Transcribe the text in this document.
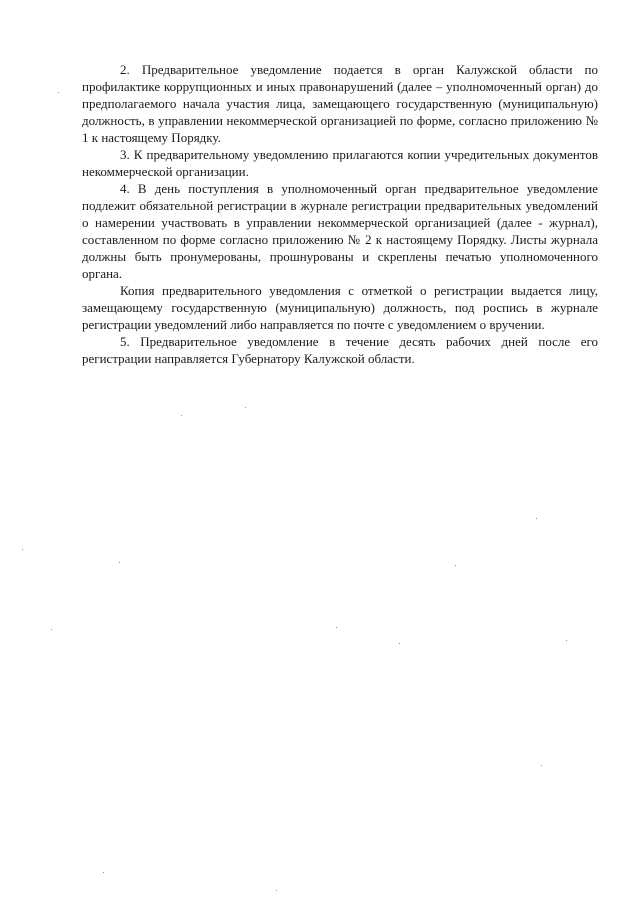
2. Предварительное уведомление подается в орган Калужской области по профилактике коррупционных и иных правонарушений (далее – уполномоченный орган) до предполагаемого начала участия лица, замещающего государственную (муниципальную) должность, в управлении некоммерческой организацией по форме, согласно приложению № 1 к настоящему Порядку.

3. К предварительному уведомлению прилагаются копии учредительных документов некоммерческой организации.

4. В день поступления в уполномоченный орган предварительное уведомление подлежит обязательной регистрации в журнале регистрации предварительных уведомлений о намерении участвовать в управлении некоммерческой организацией (далее - журнал), составленном по форме согласно приложению № 2 к настоящему Порядку. Листы журнала должны быть пронумерованы, прошнурованы и скреплены печатью уполномоченного органа.

Копия предварительного уведомления с отметкой о регистрации выдается лицу, замещающему государственную (муниципальную) должность, под роспись в журнале регистрации уведомлений либо направляется по почте с уведомлением о вручении.

5. Предварительное уведомление в течение десять рабочих дней после его регистрации направляется Губернатору Калужской области.
